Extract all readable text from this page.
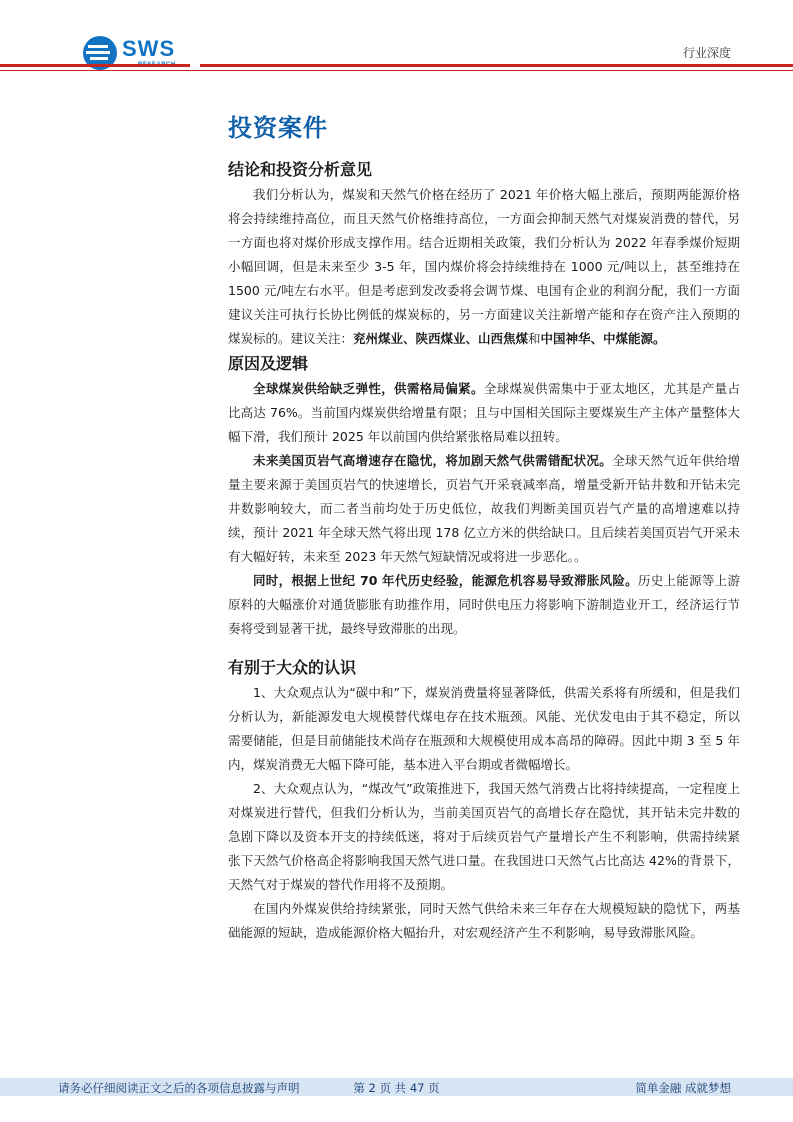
SWS	行业深度
投资案件
结论和投资分析意见

我们分析认为，煤炭和天然气价格在经历了 2021 年价格大幅上涨后，预期两能源价格将会持续维持高位，而且天然气价格维持高位，一方面会抑制天然气对煤炭消费的替代，另一方面也将对煤价形成支撑作用。结合近期相关政策，我们分析认为 2022 年春季煤价短期小幅回调，但是未来至少 3-5 年，国内煤价将会持续维持在 1000 元/吨以上，甚至维持在 1500 元/吨左右水平。但是考虑到发改委将会调节煤、电国有企业的利润分配，我们一方面建议关注可执行长协比例低的煤炭标的，另一方面建议关注新增产能和存在资产注入预期的煤炭标的。建议关注：兖州煤业、陕西煤业、山西焦煤和中国神华、中煤能源。

原因及逻辑

全球煤炭供给缺乏弹性，供需格局偏紧。全球煤炭供需集中于亚太地区，尤其是产量占比高达 76%。当前国内煤炭供给增量有限；且与中国相关国际主要煤炭生产主体产量整体大幅下滑，我们预计 2025 年以前国内供给紧张格局难以扭转。

未来美国页岩气高增速存在隐忧，将加剧天然气供需错配状况。全球天然气近年供给增量主要来源于美国页岩气的快速增长，页岩气开采衰减率高，增量受新开钻井数和开钻未完井数影响较大，而二者当前均处于历史低位，故我们判断美国页岩气产量的高增速难以持续，预计 2021 年全球天然气将出现 178 亿立方米的供给缺口。且后续若美国页岩气开采未有大幅好转，未来至 2023 年天然气短缺情况或将进一步恶化。。

同时，根据上世纪 70 年代历史经验，能源危机容易导致滞胀风险。历史上能源等上游原料的大幅涨价对通货膨胀有助推作用，同时供电压力将影响下游制造业开工，经济运行节奏将受到显著干扰，最终导致滞胀的出现。

有别于大众的认识

1、大众观点认为“碳中和”下，煤炭消费量将显著降低，供需关系将有所缓和，但是我们分析认为，新能源发电大规模替代煤电存在技术瓶颈。风能、光伏发电由于其不稳定，所以需要储能，但是目前储能技术尚存在瓶颈和大规模使用成本高昂的障碍。因此中期 3 至 5 年内，煤炭消费无大幅下降可能，基本进入平台期或者微幅增长。

2、大众观点认为，“煤改气”政策推进下，我国天然气消费占比将持续提高，一定程度上对煤炭进行替代，但我们分析认为，当前美国页岩气的高增长存在隐忧，其开钻未完井数的急剧下降以及资本开支的持续低迷，将对于后续页岩气产量增长产生不利影响，供需持续紧张下天然气价格高企将影响我国天然气进口量。在我国进口天然气占比高达 42%的背景下，天然气对于煤炭的替代作用将不及预期。

在国内外煤炭供给持续紧张，同时天然气供给未来三年存在大规模短缺的隐忧下，两基础能源的短缺，造成能源价格大幅抬升，对宏观经济产生不利影响，易导致滞胀风险。

请务必仔细阅读正文之后的各项信息披露与声明	第 2 页 共 47 页	简单金融 成就梦想
